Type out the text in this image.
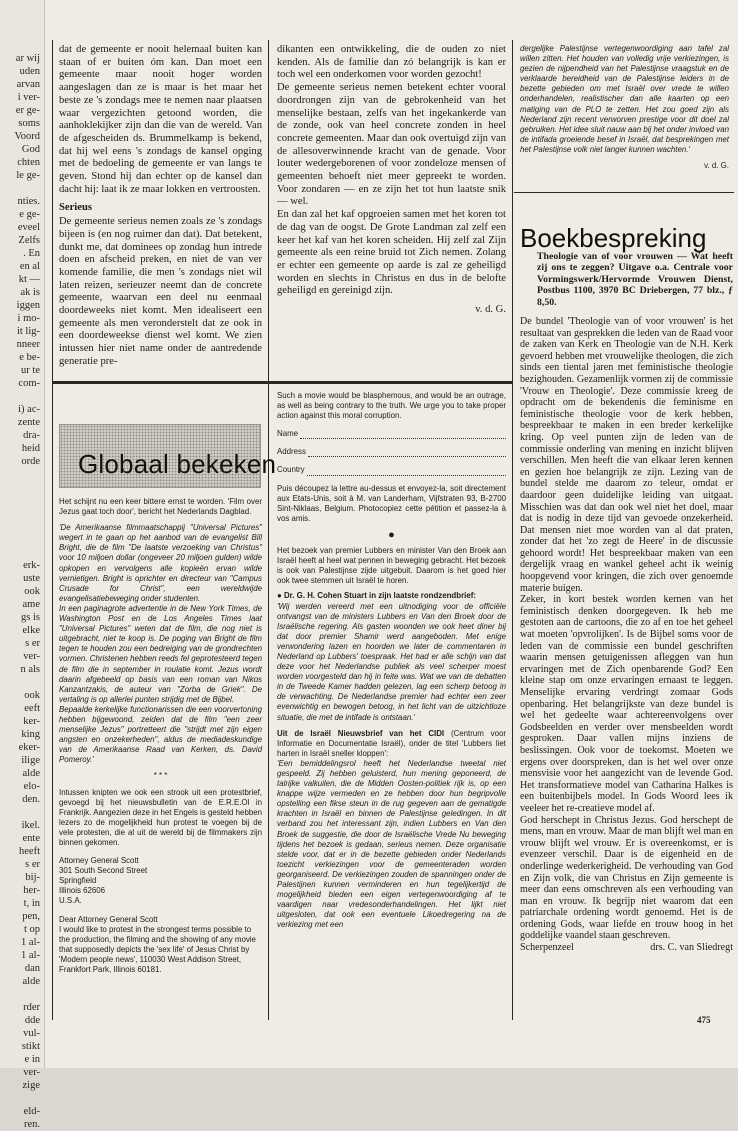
ar wij
uden
arvan
i ver-
er ge-
soms
Voord
God
chten
le ge-
nties.
e ge-
eveel
Zelfs
. En
en al
kt —
ak is
iggen
i mo-
it lig-
nneer
e be-
ur te
com-
i) ac-
zente
dra-
heid
orde
erk-
uste
ook
ame
gs is
elke
s er
ver-
n als
ook
eeft
ker-
king
eker-
ilige
alde
elo-
den.
ikel.
ente
heeft
s er
bij-
her-
t, in
pen,
t op
1 al-
1 al-
dan
alde
rder
dde
vul-
stikt
e in
ver-
zige
eld-
ren.

dat de gemeente er nooit helemaal buiten kan staan of er buiten óm kan. Dan moet een gemeente maar nooit hoger worden aangeslagen dan ze is maar is het maar het beste ze 's zondags mee te nemen naar plaatsen waar vergezichten getoond worden, die aanhoklekijker zijn dan die van de wereld. Van de afgescheiden ds. Brummelkamp is bekend, dat hij wel eens 's zondags de kansel opging met de bedoeling de gemeente er van langs te geven. Stond hij dan echter op de kansel dan dacht hij: laat ik ze maar lokken en vertroosten.

Serieus

De gemeente serieus nemen zoals ze 's zondags bijeen is (en nog ruimer dan dat). Dat betekent, dunkt me, dat dominees op zondag hun intrede doen en afscheid preken, en niet de van ver komende familie, die men 's zondags niet wil laten reizen, serieuzer neemt dan de concrete gemeente, waarvan een deel nu eenmaal doordeweeks niet komt. Men idealiseert een gemeente als men veronderstelt dat ze ook in een doordeweekse dienst wel komt. We zien intussen hier niet name onder de aantredende generatie pre-

dikanten een ontwikkeling, die de ouden zo niet kenden. Als de familie dan zó belangrijk is kan er toch wel een onderkomen voor worden gezocht!

De gemeente serieus nemen betekent echter vooral doordrongen zijn van de gebrokenheid van het menselijke bestaan, zelfs van het ingekankerde van de zonde, ook van heel concrete zonden in heel concrete gemeenten. Maar dan ook overtuigd zijn van de allesoverwinnende kracht van de genade. Voor louter wedergeborenen of voor zondeloze mensen of gemeenten behoeft niet meer gepreekt te worden. Voor zondaren — en ze zijn het tot hun laatste snik — wel.

En dan zal het kaf opgroeien samen met het koren tot de dag van de oogst. De Grote Landman zal zelf een keer het kaf van het koren scheiden. Hij zelf zal Zijn gemeente als een reine bruid tot Zich nemen. Zolang er echter een gemeente op aarde is zal ze geheiligd worden en slechts in Christus en dus in de belofte geheiligd en gereinigd zijn.

v. d. G.

dergelijke Palestijnse vertegenwoordiging aan tafel zal willen zitten. Het houden van volledig vrije verkiezingen, is gezien de nijpendheid van het Palestijnse vraagstuk en de verklaarde bereidheid van de Palestijnse leiders in de bezette gebieden om met Israël over vrede te willen onderhandelen, realistischer dan alle kaarten op een matiging van de PLO te zetten. Het zou goed zijn als Nederland zijn recent verworven prestige voor dit doel zal gebruiken. Het idee sluit nauw aan bij het onder invloed van de intifada groeiende besef in Israël, dat besprekingen met het Palestijnse volk niet langer kunnen wachten.'

v. d. G.
Globaal bekeken

Het schijnt nu een keer bittere ernst te worden. 'Film over Jezus gaat toch door', bericht het Nederlands Dagblad.

'De Amerikaanse filmmaatschappij "Universal Pictures" wegert in te gaan op het aanbod van de evangelist Bill Bright, die de film "De laatste verzoeking van Christus" voor 10 miljoen dollar (ongeveer 20 miljoen gulden) wilde opkopen en vervolgens alle kopieën ervan wilde vernietigen. Bright is oprichter en directeur van "Campus Crusade for Christ", een wereldwijde evangelisatiebeweging onder studenten.

In een paginagrote advertentie in de New York Times, de Washington Post en de Los Angeles Times laat "Universal Pictures" weten dat de film, die nog niet is uitgebracht, niet te koop is. De poging van Bright de film tegen te houden zou een bedreiging van de grondrechten vormen. Christenen hebben reeds fel geprotesteerd tegen de film die in september in roulatie komt. Jezus wordt daarin afgebeeld op basis van een roman van Nikos Kanzantzakis, de auteur van "Zorba de Griek". De vertaling is op allerlei punten strijdig met de Bijbel.

Bepaalde kerkelijke functionarissen die een voorvertoning hebben bijgewoond, zeiden dat de film "een zeer menselijke Jezus" portretteert die "strijdt met zijn eigen angsten en onzekerheden", aldus de mediadeskundige van de Amerikaanse Raad van Kerken, ds. David Pomeroy.'

* * *

Intussen knipten we ook een strook uit een protestbrief, gevoegd bij het nieuwsbulletin van de E.R.E.Ol in Frankrijk. Aangezien deze in het Engels is gesteld hebben lezers zo de mogelijkheid hun protest te voegen bij de vele protesten, die al uit de wereld bij de filmmakers zijn binnen gekomen.

Attorney General Scott

301 South Second Street

Springfield

Illinois 62606

U.S.A.

Dear Attorney General Scott
I would like to protest in the strongest terms possible to the production, the filming and the showing of any movie that supposedly depicts the 'sex life' of Jesus Christ by 'Modern people news', 110030 West Addison Street, Frankfort Park, Illinois 60181.

Such a movie would be blasphemous, and would be an outrage, as well as being contrary to the truth. We urge you to take proper action against this moral corruption.

Name
Address
Country

Puis découpez la lettre au-dessus et envoyez-la, soit directement aux Etats-Unis, soit à M. van Landerham, Vijfstraten 93, B-2700 Sint-Niklaas, Belgium. Photocopiez cette pétition et passez-la à vos amis.

●

Het bezoek van premier Lubbers en minister Van den Broek aan Israël heeft al heel wat pennen in beweging gebracht. Het bezoek is ook van Palestijnse zijde uitgebuit. Daarom is het goed hier ook twee stemmen uit Israël te horen.

● Dr. G. H. Cohen Stuart in zijn laatste rondzendbrief:

'Wij werden vereerd met een uitnodiging voor de officiële ontvangst van de ministers Lubbers en Van den Broek door de Israëlische regering. Als gasten woonden we ook heet diner bij dat door premier Shamir werd aangeboden. Met enige verwondering lazen en hoorden we later de commentaren in Nederland op Lubbers' toespraak. Het had er alle schijn van dat deze voor het Nederlandse publiek als veel scherper moest worden voorgesteld dan hij in feite was. Wat we van de debatten in de Tweede Kamer hadden gelezen, lag een scherp betoog in de verwachting. De Nederlandse premier had echter een zeer evenwichtig en bewogen betoog, in het licht van de uitzichtloze situatie, die met de intifade is ontstaan.'

Uit de Israël Nieuwsbrief van het CIDI (Centrum voor Informatie en Documentatie Israël), onder de titel 'Lubbers liet harten in Israël sneller kloppen':

'Een bemiddelingsrol heeft het Nederlandse tweetal niet gespeeld. Zij hebben geluisterd, hun mening geponeerd, de talrijke valkuilen, die de Midden Oosten-politiek rijk is, op een knappe wijze vermeden en ze hebben door hun begripvolle opstelling een fikse steun in de rug gegeven aan de gematigde krachten in Israël en binnen de Palestijnse geledingen. In dit verband zou het interessant zijn, indien Lubbers en Van den Broek de suggestie, die door de Israëlische Vrede Nu beweging tijdens het bezoek is gedaan, serieus nemen. Deze organisatie stelde voor, dat er in de bezette gebieden onder Nederlands toezicht verkiezingen voor de gemeenteraden worden georganiseerd. De verkiezingen zouden de spanningen onder de Palestijnen kunnen verminderen en hun tegelijkertijd de mogelijkheid bieden een eigen vertegenwoordiging af te vaardigen naar vredesonderhandelingen. Het lijkt niet uitgesloten, dat ook een eventuele Likoedregering na de verkiezing met een

Boekbespreking
Theologie van of voor vrouwen — Wat heeft zij ons te zeggen? Uitgave o.a. Centrale voor Vormingswerk/Hervormde Vrouwen Dienst, Postbus 1100, 3970 BC Driebergen, 77 blz., ƒ 8,50.

De bundel 'Theologie van of voor vrouwen' is het resultaat van gesprekken die leden van de Raad voor de zaken van Kerk en Theologie van de N.H. Kerk gevoerd hebben met vrouwelijke theologen, die zich sinds een tiental jaren met feministische theologie bezighouden. Gezamenlijk vormen zij de commissie 'Vrouw en Theologie'. Deze commissie kreeg de opdracht om de bekendenis die feminisme en feministische theologie voor de kerk hebben, bespreekbaar te maken in een breder kerkelijke kring. Op veel punten zijn de leden van de commissie onderling van mening en inzicht blijven verschillen. Men heeft die van elkaar leren kennen en gezien hoe belangrijk ze zijn. Lezing van de bundel stelde me daarom zo teleur, omdat er daardoor geen duidelijke leiding van uitgaat. Misschien was dat dan ook wel niet het doel, maar dat is nodig in deze tijd van gevoede onzekerheid. Dat mensen niet moe worden van al dat praten, zonder dat het 'zo zegt de Heere' in de discussie gehoord wordt! Het bespreekbaar maken van een dergelijk vraag en wankel geheel acht ik weinig hoopgevend voor kringen, die zich over genoemde materie buigen.

Zeker, in kort bestek worden kernen van het feministisch denken doorgegeven. Ik heb me gestoten aan de cartoons, die zo af en toe het geheel wat moeten 'opvrolijken'. Is de Bijbel soms voor de leden van de commissie een bundel geschriften waarin mensen getuigenissen afleggen van hun ervaringen met de Zich openbarende God? Een kleine stap om onze ervaringen ernaast te leggen. Menselijke ervaring verdringt zomaar Gods openbaring. Het belangrijkste van deze bundel is wel het gedeelte waar achtereenvolgens over Godsbeelden en verder over mensbeelden wordt gesproken. Daar vallen mijns inziens de beslissingen. Ook voor de toekomst. Moeten we ergens over doorspreken, dan is het wel over onze mensvisie voor het aangezicht van de levende God. Het transformatieve model van Catharina Halkes is een buitenbijbels model. In Gods Woord lees ik veeleer het re-creatieve model af.

God herschept in Christus Jezus. God herschept de mens, man en vrouw. Maar de man blijft wel man en vrouw blijft wel vrouw. Er is overeenkomst, er is evenzeer verschil. Daar is de eigenheid en de onderlinge wederkerigheid. De verhouding van God en Zijn volk, die van Christus en Zijn gemeente is meer dan eens omschreven als een verhouding van man en vrouw. Ik begrijp niet waarom dat een patriarchale ordening wordt genoemd. Het is de ordening Gods, waar liefde en trouw hoog in het goddelijke vaandel staan geschreven.

Scherpenzeel	drs. C. van Sliedregt
475
